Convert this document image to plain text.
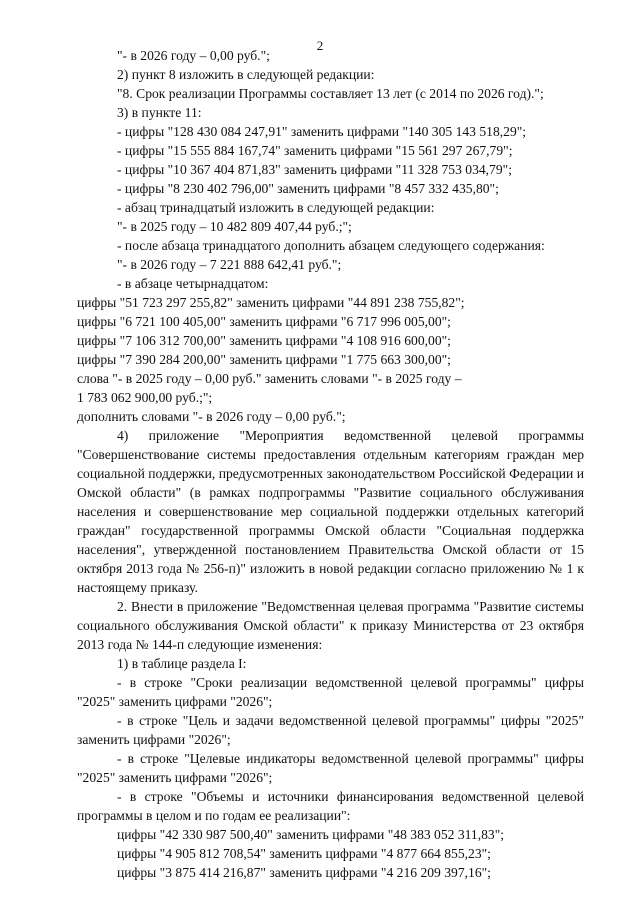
2
"- в 2026 году – 0,00 руб.";
2) пункт 8 изложить в следующей редакции:
"8. Срок реализации Программы составляет 13 лет (с 2014 по 2026 год).";
3) в пункте 11:
- цифры "128 430 084 247,91" заменить цифрами "140 305 143 518,29";
- цифры "15 555 884 167,74" заменить цифрами "15 561 297 267,79";
- цифры "10 367 404 871,83" заменить цифрами "11 328 753 034,79";
- цифры "8 230 402 796,00" заменить цифрами "8 457 332 435,80";
- абзац тринадцатый изложить в следующей редакции:
"- в 2025 году – 10 482 809 407,44 руб.;";
- после абзаца тринадцатого дополнить абзацем следующего содержания:
"- в 2026 году – 7 221 888 642,41 руб.";
- в абзаце четырнадцатом:
цифры "51 723 297 255,82" заменить цифрами "44 891 238 755,82";
цифры "6 721 100 405,00" заменить цифрами "6 717 996 005,00";
цифры "7 106 312 700,00" заменить цифрами "4 108 916 600,00";
цифры "7 390 284 200,00" заменить цифрами "1 775 663 300,00";
слова "- в 2025 году – 0,00 руб." заменить словами "- в 2025 году –
1 783 062 900,00 руб.;";
дополнить словами "- в 2026 году – 0,00 руб.";
4) приложение "Мероприятия ведомственной целевой программы "Совершенствование системы предоставления отдельным категориям граждан мер социальной поддержки, предусмотренных законодательством Российской Федерации и Омской области" (в рамках подпрограммы "Развитие социального обслуживания населения и совершенствование мер социальной поддержки отдельных категорий граждан" государственной программы Омской области "Социальная поддержка населения", утвержденной постановлением Правительства Омской области от 15 октября 2013 года № 256-п)" изложить в новой редакции согласно приложению № 1 к настоящему приказу.
2. Внести в приложение "Ведомственная целевая программа "Развитие системы социального обслуживания Омской области" к приказу Министерства от 23 октября 2013 года № 144-п следующие изменения:
1) в таблице раздела I:
- в строке "Сроки реализации ведомственной целевой программы" цифры "2025" заменить цифрами "2026";
- в строке "Цель и задачи ведомственной целевой программы" цифры "2025" заменить цифрами "2026";
- в строке "Целевые индикаторы ведомственной целевой программы" цифры "2025" заменить цифрами "2026";
- в строке "Объемы и источники финансирования ведомственной целевой программы в целом и по годам ее реализации":
цифры "42 330 987 500,40" заменить цифрами "48 383 052 311,83";
цифры "4 905 812 708,54" заменить цифрами "4 877 664 855,23";
цифры "3 875 414 216,87" заменить цифрами "4 216 209 397,16";
